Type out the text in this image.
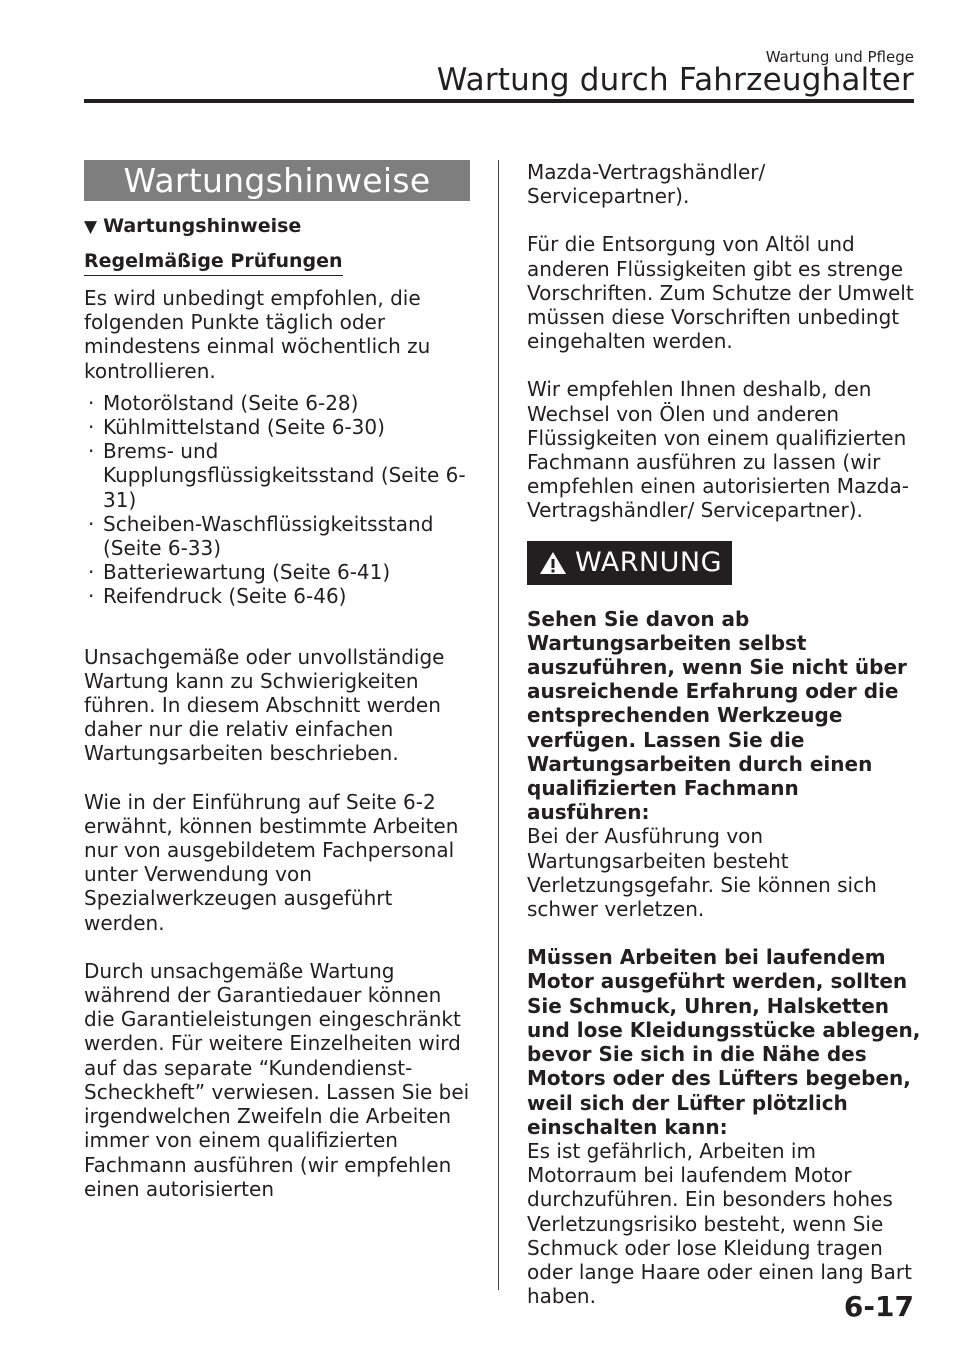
Wartung und Pflege
Wartung durch Fahrzeughalter
Wartungshinweise
▼ Wartungshinweise
Regelmäßige Prüfungen

Es wird unbedingt empfohlen, die folgenden Punkte täglich oder mindestens einmal wöchentlich zu kontrollieren.

· Motorölstand (Seite 6-28)
· Kühlmittelstand (Seite 6-30)
· Brems- und Kupplungsflüssigkeitsstand (Seite 6-31)
· Scheiben-Waschflüssigkeitsstand (Seite 6-33)
· Batteriewartung (Seite 6-41)
· Reifendruck (Seite 6-46)

Unsachgemäße oder unvollständige Wartung kann zu Schwierigkeiten führen. In diesem Abschnitt werden daher nur die relativ einfachen Wartungsarbeiten beschrieben.

Wie in der Einführung auf Seite 6-2 erwähnt, können bestimmte Arbeiten nur von ausgebildetem Fachpersonal unter Verwendung von Spezialwerkzeugen ausgeführt werden.

Durch unsachgemäße Wartung während der Garantiedauer können die Garantieleistungen eingeschränkt werden. Für weitere Einzelheiten wird auf das separate “Kundendienst-Scheckheft” verwiesen. Lassen Sie bei irgendwelchen Zweifeln die Arbeiten immer von einem qualifizierten Fachmann ausführen (wir empfehlen einen autorisierten

Mazda-Vertragshändler/ Servicepartner).

Für die Entsorgung von Altöl und anderen Flüssigkeiten gibt es strenge Vorschriften. Zum Schutze der Umwelt müssen diese Vorschriften unbedingt eingehalten werden.

Wir empfehlen Ihnen deshalb, den Wechsel von Ölen und anderen Flüssigkeiten von einem qualifizierten Fachmann ausführen zu lassen (wir empfehlen einen autorisierten Mazda-Vertragshändler/ Servicepartner).

WARNUNG

Sehen Sie davon ab Wartungsarbeiten selbst auszuführen, wenn Sie nicht über ausreichende Erfahrung oder die entsprechenden Werkzeuge verfügen. Lassen Sie die Wartungsarbeiten durch einen qualifizierten Fachmann ausführen:

Bei der Ausführung von Wartungsarbeiten besteht Verletzungsgefahr. Sie können sich schwer verletzen.

Müssen Arbeiten bei laufendem Motor ausgeführt werden, sollten Sie Schmuck, Uhren, Halsketten und lose Kleidungsstücke ablegen, bevor Sie sich in die Nähe des Motors oder des Lüfters begeben, weil sich der Lüfter plötzlich einschalten kann:

Es ist gefährlich, Arbeiten im Motorraum bei laufendem Motor durchzuführen. Ein besonders hohes Verletzungsrisiko besteht, wenn Sie Schmuck oder lose Kleidung tragen oder lange Haare oder einen lang Bart haben.	6-17
